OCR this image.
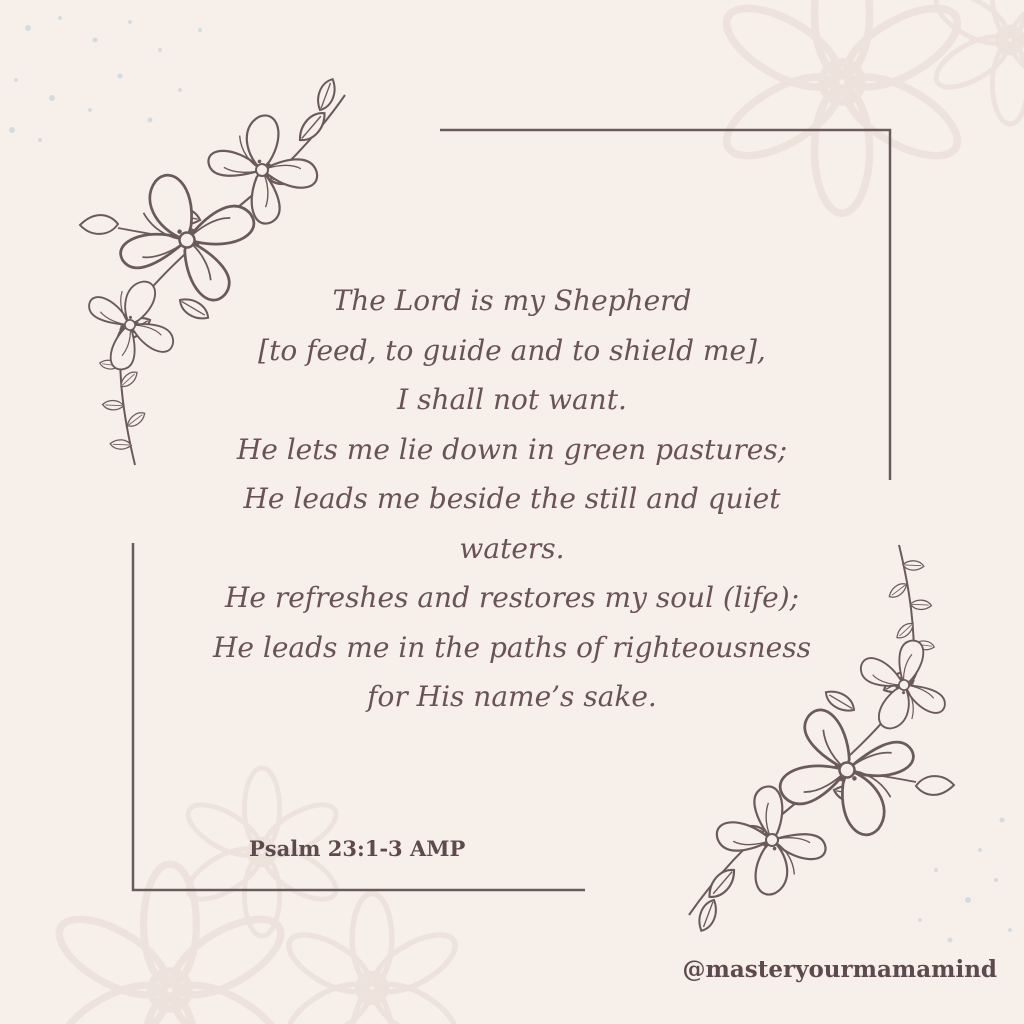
The Lord is my Shepherd
[to feed, to guide and to shield me],
I shall not want.
He lets me lie down in green pastures;
He leads me beside the still and quiet
waters.
He refreshes and restores my soul (life);
He leads me in the paths of righteousness
for His name’s sake.

Psalm 23:1-3 AMP

@masteryourmamamind
